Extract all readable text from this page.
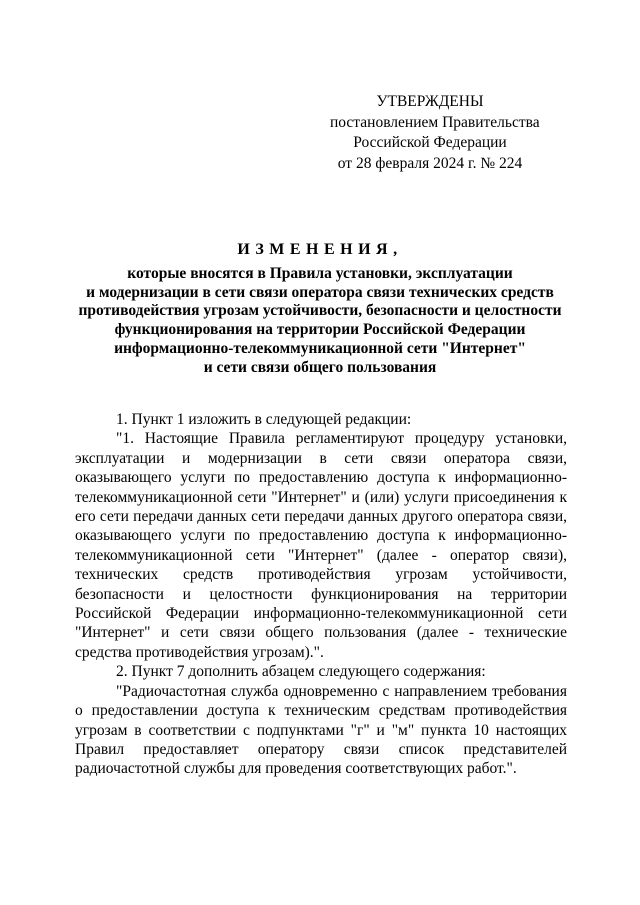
УТВЕРЖДЕНЫ
постановлением Правительства
Российской Федерации
от 28 февраля 2024 г. № 224
ИЗМЕНЕНИЯ,
которые вносятся в Правила установки, эксплуатации
и модернизации в сети связи оператора связи технических средств
противодействия угрозам устойчивости, безопасности и целостности
функционирования на территории Российской Федерации
информационно-телекоммуникационной сети "Интернет"
и сети связи общего пользования

1. Пункт 1 изложить в следующей редакции:

"1. Настоящие Правила регламентируют процедуру установки, эксплуатации и модернизации в сети связи оператора связи, оказывающего услуги по предоставлению доступа к информационно-телекоммуникационной сети "Интернет" и (или) услуги присоединения к его сети передачи данных сети передачи данных другого оператора связи, оказывающего услуги по предоставлению доступа к информационно-телекоммуникационной сети "Интернет" (далее - оператор связи), технических средств противодействия угрозам устойчивости, безопасности и целостности функционирования на территории Российской Федерации информационно-телекоммуникационной сети "Интернет" и сети связи общего пользования (далее - технические средства противодействия угрозам).".

2. Пункт 7 дополнить абзацем следующего содержания:

"Радиочастотная служба одновременно с направлением требования о предоставлении доступа к техническим средствам противодействия угрозам в соответствии с подпунктами "г" и "м" пункта 10 настоящих Правил предоставляет оператору связи список представителей радиочастотной службы для проведения соответствующих работ.".
